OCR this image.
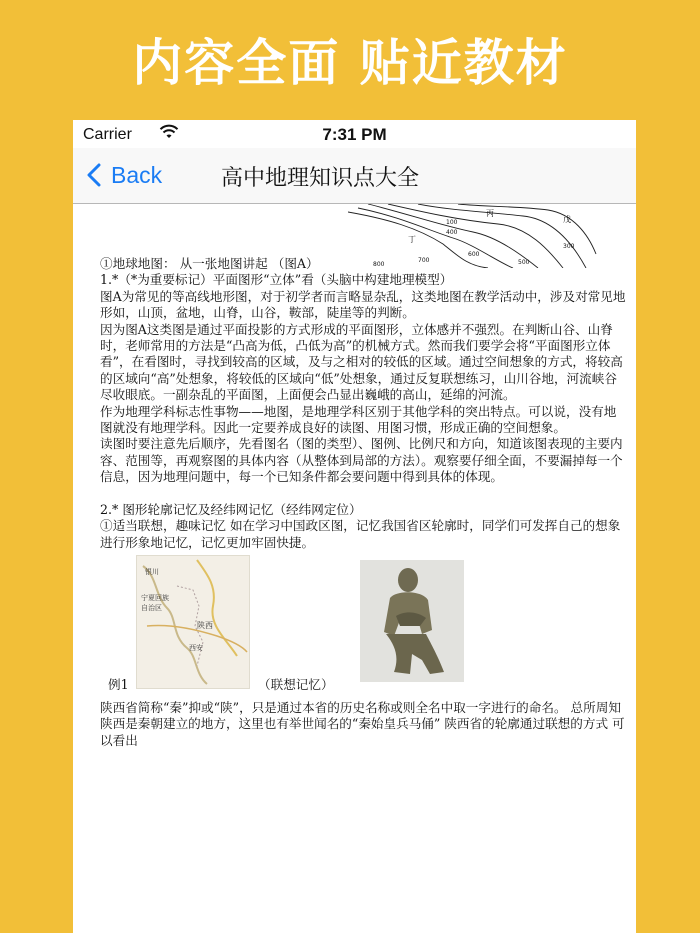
内容全面 贴近教材
Carrier	7:31 PM
Back	高中地理知识点大全
丙
丁
戊
100
400
600
700
800	500
300

①地球地图： 从一张地图讲起 （图A）

1.*（*为重要标记）平面图形“立体”看（头脑中构建地理模型）

图A为常见的等高线地形图，对于初学者而言略显杂乱，这类地图在教学活动中，涉及对常见地形如，山顶，盆地，山脊，山谷，鞍部，陡崖等的判断。

因为图A这类图是通过平面投影的方式形成的平面图形，立体感并不强烈。在判断山谷、山脊时，老师常用的方法是“凸高为低，凸低为高”的机械方式。然而我们要学会将“平面图形立体看”，在看图时，寻找到较高的区域，及与之相对的较低的区域。通过空间想象的方式，将较高的区域向“高”处想象，将较低的区域向“低”处想象，通过反复联想练习，山川谷地，河流峡谷尽收眼底。一副杂乱的平面图，上面便会凸显出巍峨的高山，延绵的河流。

作为地理学科标志性事物——地图，是地理学科区别于其他学科的突出特点。可以说，没有地图就没有地理学科。因此一定要养成良好的读图、用图习惯，形成正确的空间想象。

读图时要注意先后顺序，先看图名（图的类型）、图例、比例尺和方向，知道该图表现的主要内容、范围等，再观察图的具体内容（从整体到局部的方法）。观察要仔细全面，不要漏掉每一个信息，因为地理问题中，每一个已知条件都会要问题中得到具体的体现。

2.* 图形轮廓记忆及经纬网记忆（经纬网定位）

①适当联想，趣味记忆 如在学习中国政区图，记忆我国省区轮廓时，同学们可发挥自己的想象进行形象地记忆，记忆更加牢固快捷。

银川
宁夏回族
自治区
陕西
西安
例1	（联想记忆）

陕西省简称“秦”抑或“陕”，只是通过本省的历史名称或则全名中取一字进行的命名。 总所周知 陕西是秦朝建立的地方，这里也有举世闻名的“秦始皇兵马俑” 陕西省的轮廓通过联想的方式 可以看出
